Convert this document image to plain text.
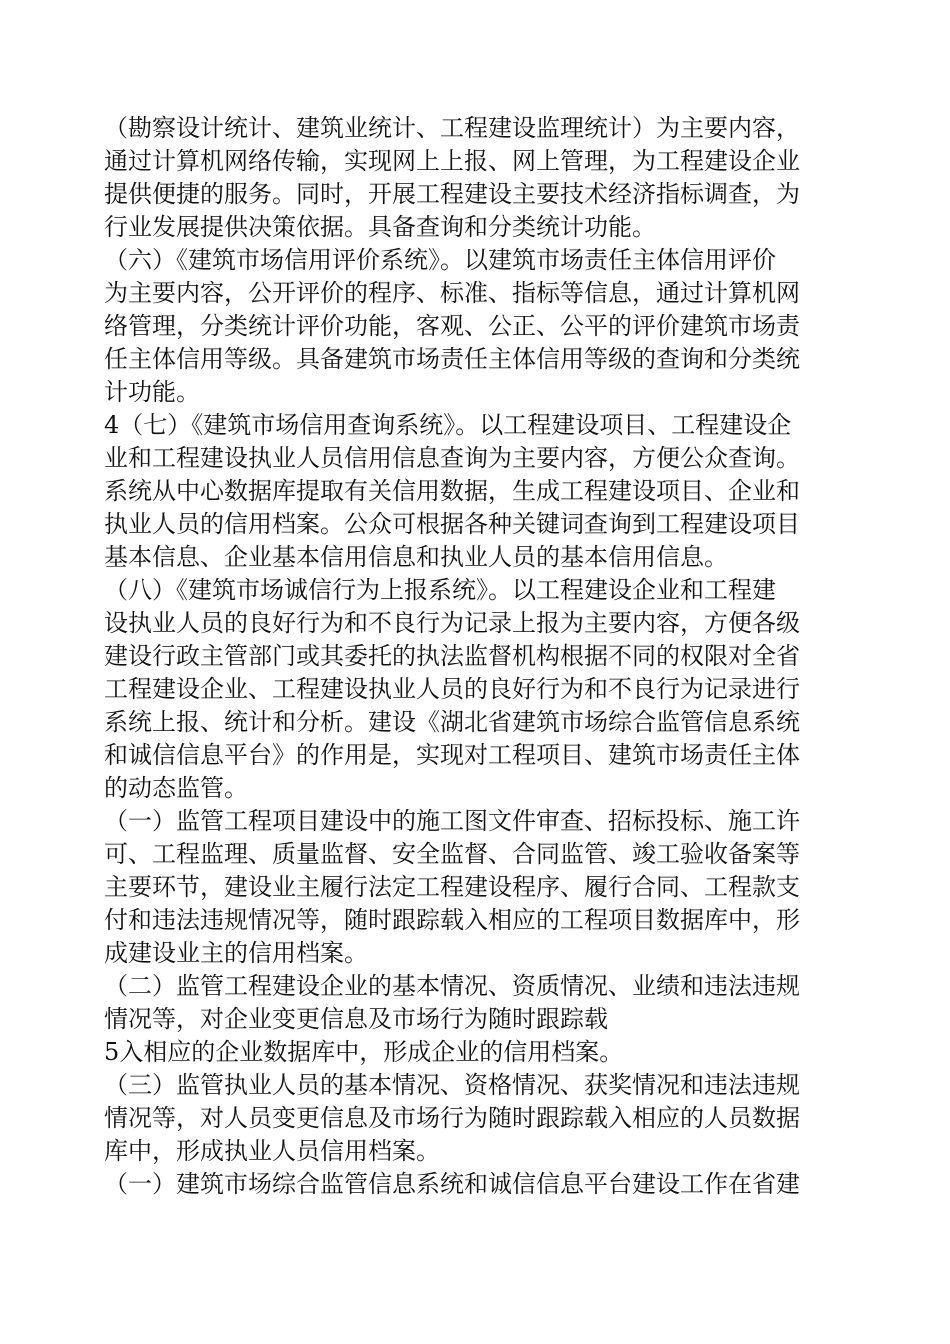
（勘察设计统计、建筑业统计、工程建设监理统计）为主要内容，
通过计算机网络传输，实现网上上报、网上管理，为工程建设企业
提供便捷的服务。同时，开展工程建设主要技术经济指标调查，为
行业发展提供决策依据。具备查询和分类统计功能。
（六）《建筑市场信用评价系统》。以建筑市场责任主体信用评价
为主要内容，公开评价的程序、标准、指标等信息，通过计算机网
络管理，分类统计评价功能，客观、公正、公平的评价建筑市场责
任主体信用等级。具备建筑市场责任主体信用等级的查询和分类统
计功能。
4（七）《建筑市场信用查询系统》。以工程建设项目、工程建设企
业和工程建设执业人员信用信息查询为主要内容，方便公众查询。
系统从中心数据库提取有关信用数据，生成工程建设项目、企业和
执业人员的信用档案。公众可根据各种关键词查询到工程建设项目
基本信息、企业基本信用信息和执业人员的基本信用信息。
（八）《建筑市场诚信行为上报系统》。以工程建设企业和工程建
设执业人员的良好行为和不良行为记录上报为主要内容，方便各级
建设行政主管部门或其委托的执法监督机构根据不同的权限对全省
工程建设企业、工程建设执业人员的良好行为和不良行为记录进行
系统上报、统计和分析。建设《湖北省建筑市场综合监管信息系统
和诚信信息平台》的作用是，实现对工程项目、建筑市场责任主体
的动态监管。
（一）监管工程项目建设中的施工图文件审查、招标投标、施工许
可、工程监理、质量监督、安全监督、合同监管、竣工验收备案等
主要环节，建设业主履行法定工程建设程序、履行合同、工程款支
付和违法违规情况等，随时跟踪载入相应的工程项目数据库中，形
成建设业主的信用档案。
（二）监管工程建设企业的基本情况、资质情况、业绩和违法违规
情况等，对企业变更信息及市场行为随时跟踪载
5入相应的企业数据库中，形成企业的信用档案。
（三）监管执业人员的基本情况、资格情况、获奖情况和违法违规
情况等，对人员变更信息及市场行为随时跟踪载入相应的人员数据
库中，形成执业人员信用档案。
（一）建筑市场综合监管信息系统和诚信信息平台建设工作在省建
